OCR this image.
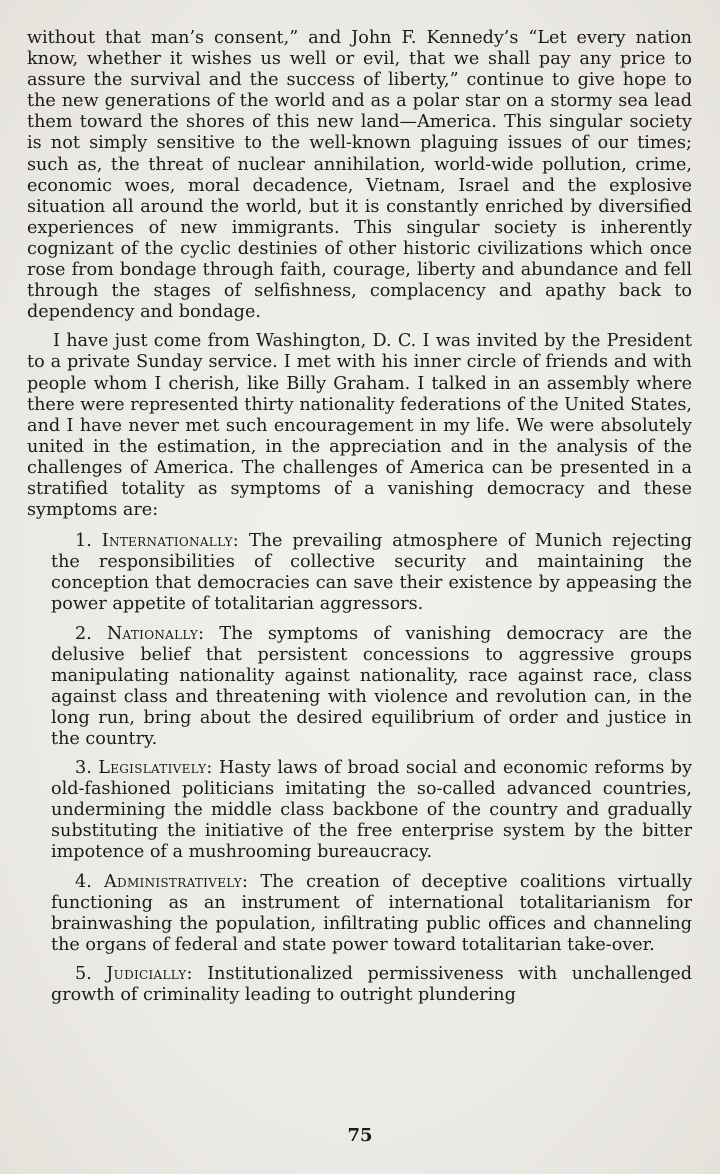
without that man’s consent,” and John F. Kennedy’s “Let every nation know, whether it wishes us well or evil, that we shall pay any price to assure the survival and the success of liberty,” continue to give hope to the new generations of the world and as a polar star on a stormy sea lead them toward the shores of this new land—America. This singular society is not simply sensitive to the well-known plaguing issues of our times; such as, the threat of nuclear annihilation, world-wide pollution, crime, economic woes, moral decadence, Vietnam, Israel and the explosive situation all around the world, but it is constantly enriched by diversified experiences of new immigrants. This singular society is inherently cognizant of the cyclic destinies of other historic civilizations which once rose from bondage through faith, courage, liberty and abundance and fell through the stages of selfishness, complacency and apathy back to dependency and bondage.

I have just come from Washington, D. C. I was invited by the President to a private Sunday service. I met with his inner circle of friends and with people whom I cherish, like Billy Graham. I talked in an assembly where there were represented thirty nationality federations of the United States, and I have never met such encouragement in my life. We were absolutely united in the estimation, in the appreciation and in the analysis of the challenges of America. The challenges of America can be presented in a stratified totality as symptoms of a vanishing democracy and these symptoms are:

1. Internationally: The prevailing atmosphere of Munich rejecting the responsibilities of collective security and maintaining the conception that democracies can save their existence by appeasing the power appetite of totalitarian aggressors.

2. Nationally: The symptoms of vanishing democracy are the delusive belief that persistent concessions to aggressive groups manipulating nationality against nationality, race against race, class against class and threatening with violence and revolution can, in the long run, bring about the desired equilibrium of order and justice in the country.

3. Legislatively: Hasty laws of broad social and economic reforms by old-fashioned politicians imitating the so-called advanced countries, undermining the middle class backbone of the country and gradually substituting the initiative of the free enterprise system by the bitter impotence of a mushrooming bureaucracy.

4. Administratively: The creation of deceptive coalitions virtually functioning as an instrument of international totalitarianism for brainwashing the population, infiltrating public offices and channeling the organs of federal and state power toward totalitarian take-over.

5. Judicially: Institutionalized permissiveness with unchallenged growth of criminality leading to outright plundering

75
